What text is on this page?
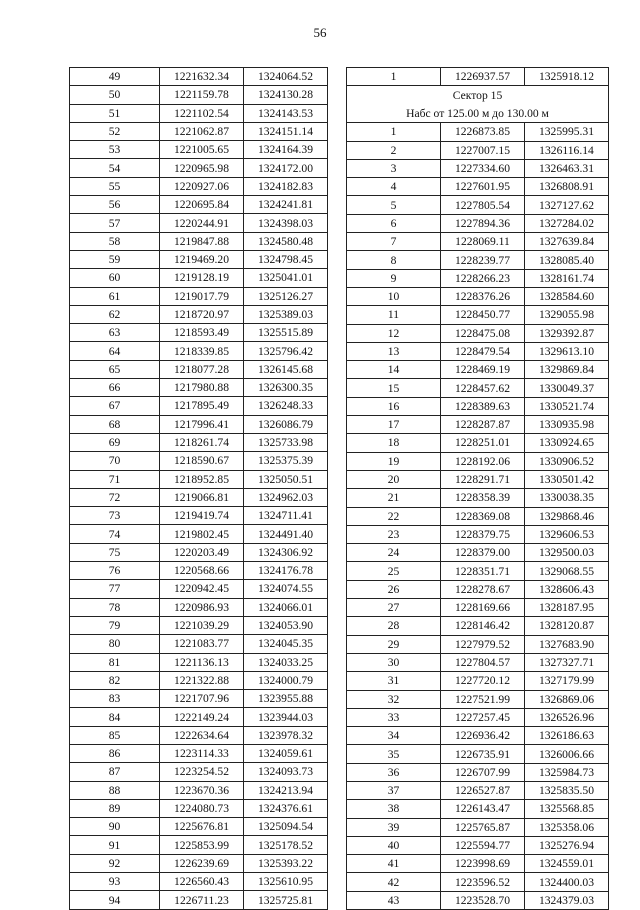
56
49	1221632.34	1324064.52
50	1221159.78	1324130.28
51	1221102.54	1324143.53
52	1221062.87	1324151.14
53	1221005.65	1324164.39
54	1220965.98	1324172.00
55	1220927.06	1324182.83
56	1220695.84	1324241.81
57	1220244.91	1324398.03
58	1219847.88	1324580.48
59	1219469.20	1324798.45
60	1219128.19	1325041.01
61	1219017.79	1325126.27
62	1218720.97	1325389.03
63	1218593.49	1325515.89
64	1218339.85	1325796.42
65	1218077.28	1326145.68
66	1217980.88	1326300.35
67	1217895.49	1326248.33
68	1217996.41	1326086.79
69	1218261.74	1325733.98
70	1218590.67	1325375.39
71	1218952.85	1325050.51
72	1219066.81	1324962.03
73	1219419.74	1324711.41
74	1219802.45	1324491.40
75	1220203.49	1324306.92
76	1220568.66	1324176.78
77	1220942.45	1324074.55
78	1220986.93	1324066.01
79	1221039.29	1324053.90
80	1221083.77	1324045.35
81	1221136.13	1324033.25
82	1221322.88	1324000.79
83	1221707.96	1323955.88
84	1222149.24	1323944.03
85	1222634.64	1323978.32
86	1223114.33	1324059.61
87	1223254.52	1324093.73
88	1223670.36	1324213.94
89	1224080.73	1324376.61
90	1225676.81	1325094.54
91	1225853.99	1325178.52
92	1226239.69	1325393.22
93	1226560.43	1325610.95
94	1226711.23	1325725.81
1	1226937.57	1325918.12
Сектор 15		
Набс от 125.00 м до 130.00 м		
1	1226873.85	1325995.31
2	1227007.15	1326116.14
3	1227334.60	1326463.31
4	1227601.95	1326808.91
5	1227805.54	1327127.62
6	1227894.36	1327284.02
7	1228069.11	1327639.84
8	1228239.77	1328085.40
9	1228266.23	1328161.74
10	1228376.26	1328584.60
11	1228450.77	1329055.98
12	1228475.08	1329392.87
13	1228479.54	1329613.10
14	1228469.19	1329869.84
15	1228457.62	1330049.37
16	1228389.63	1330521.74
17	1228287.87	1330935.98
18	1228251.01	1330924.65
19	1228192.06	1330906.52
20	1228291.71	1330501.42
21	1228358.39	1330038.35
22	1228369.08	1329868.46
23	1228379.75	1329606.53
24	1228379.00	1329500.03
25	1228351.71	1329068.55
26	1228278.67	1328606.43
27	1228169.66	1328187.95
28	1228146.42	1328120.87
29	1227979.52	1327683.90
30	1227804.57	1327327.71
31	1227720.12	1327179.99
32	1227521.99	1326869.06
33	1227257.45	1326526.96
34	1226936.42	1326186.63
35	1226735.91	1326006.66
36	1226707.99	1325984.73
37	1226527.87	1325835.50
38	1226143.47	1325568.85
39	1225765.87	1325358.06
40	1225594.77	1325276.94
41	1223998.69	1324559.01
42	1223596.52	1324400.03
43	1223528.70	1324379.03
